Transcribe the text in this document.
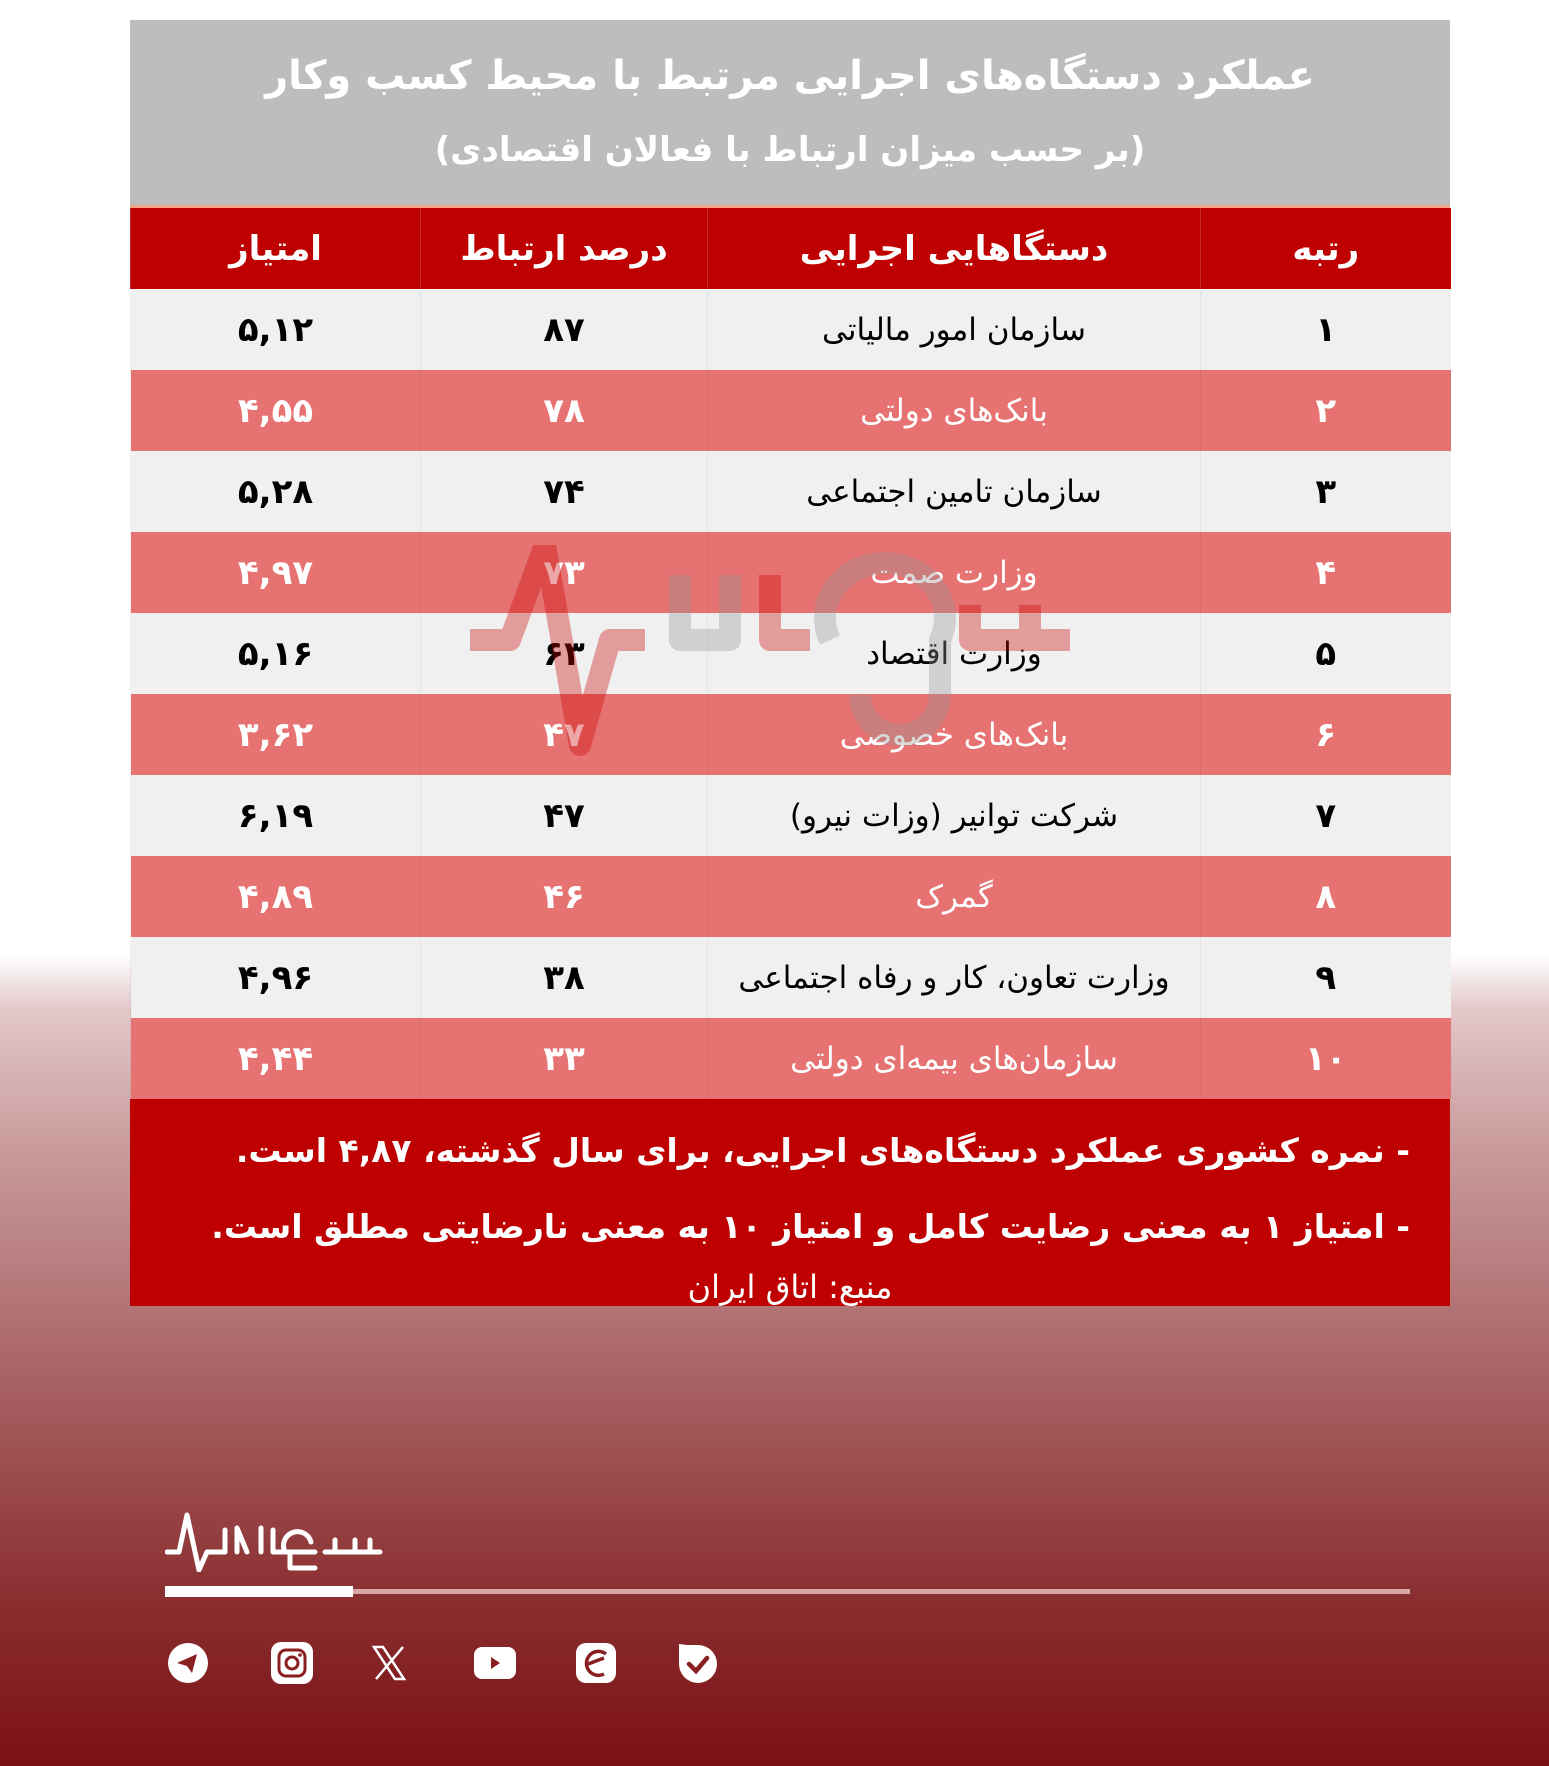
عملکرد دستگاه‌های اجرایی مرتبط با محیط کسب وکار
(بر حسب میزان ارتباط با فعالان اقتصادی)
رتبه	دستگاهایی اجرایی	درصد ارتباط	امتیاز
۱	سازمان امور مالیاتی	۸۷	۵,۱۲
۲	بانک‌های دولتی	۷۸	۴,۵۵
۳	سازمان تامین اجتماعی	۷۴	۵,۲۸
۴	وزارت صمت	۷۳	۴,۹۷
۵	وزارت اقتصاد	۶۳	۵,۱۶
۶	بانک‌های خصوصی	۴۷	۳,۶۲
۷	شرکت توانیر (وزات نیرو)	۴۷	۶,۱۹
۸	گمرک	۴۶	۴,۸۹
۹	وزارت تعاون، کار و رفاه اجتماعی	۳۸	۴,۹۶
۱۰	سازمان‌های بیمه‌ای دولتی	۳۳	۴,۴۴
- نمره کشوری عملکرد دستگاه‌های اجرایی، برای سال گذشته، ۴,۸۷ است.
- امتیاز ۱ به معنی رضایت کامل و امتیاز ۱۰ به معنی نارضایتی مطلق است.
منبع: اتاق ایران
